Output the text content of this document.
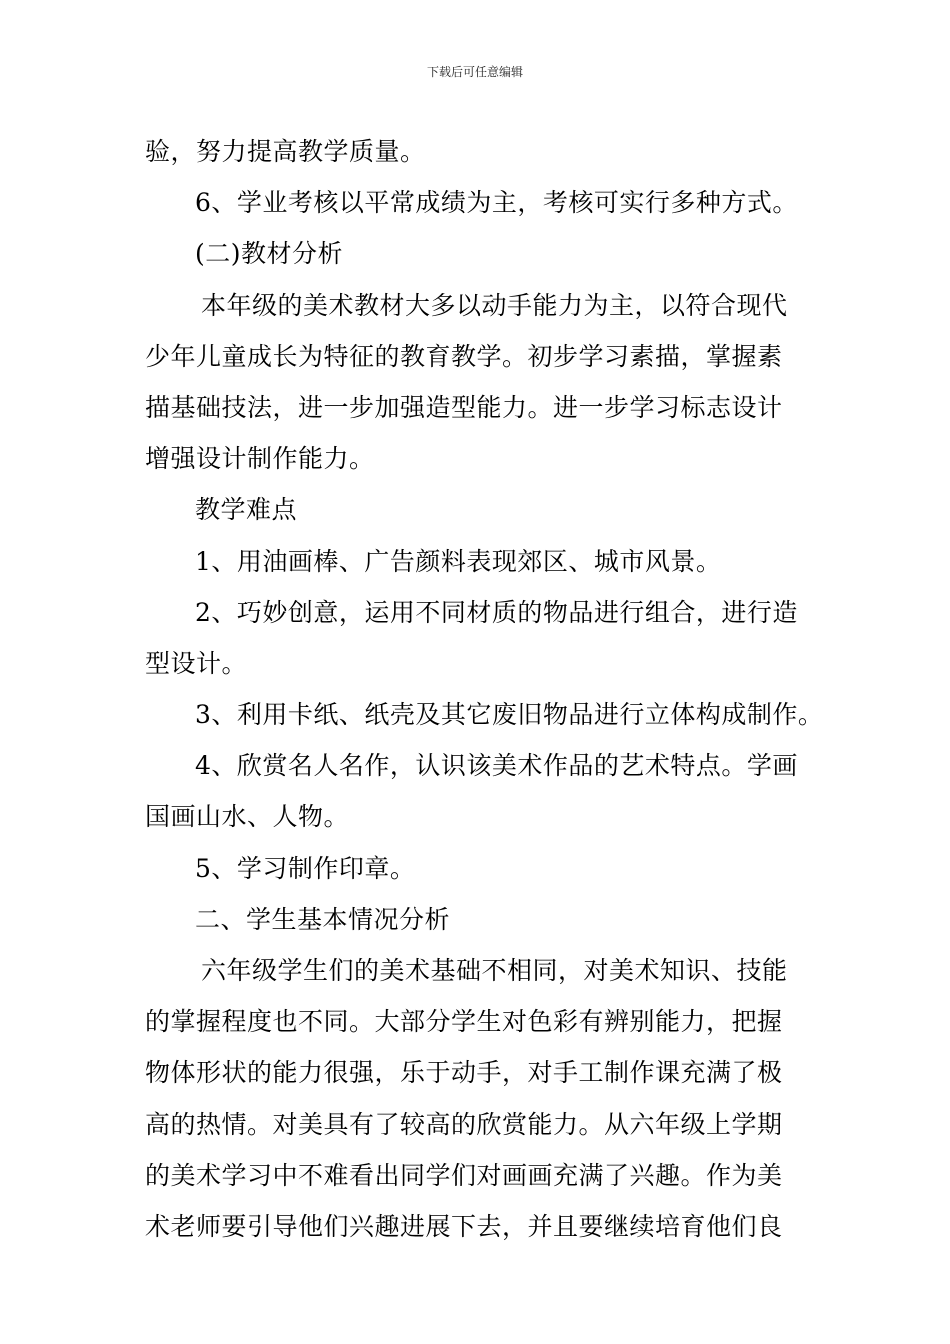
下载后可任意编辑
验，努力提高教学质量。
6、学业考核以平常成绩为主，考核可实行多种方式。
(二)教材分析
本年级的美术教材大多以动手能力为主，以符合现代
少年儿童成长为特征的教育教学。初步学习素描，掌握素
描基础技法，进一步加强造型能力。进一步学习标志设计
增强设计制作能力。
教学难点
1、用油画棒、广告颜料表现郊区、城市风景。
2、巧妙创意，运用不同材质的物品进行组合，进行造
型设计。
3、利用卡纸、纸壳及其它废旧物品进行立体构成制作。
4、欣赏名人名作，认识该美术作品的艺术特点。学画
国画山水、人物。
5、学习制作印章。
二、学生基本情况分析
六年级学生们的美术基础不相同，对美术知识、技能
的掌握程度也不同。大部分学生对色彩有辨别能力，把握
物体形状的能力很强，乐于动手，对手工制作课充满了极
高的热情。对美具有了较高的欣赏能力。从六年级上学期
的美术学习中不难看出同学们对画画充满了兴趣。作为美
术老师要引导他们兴趣进展下去，并且要继续培育他们良
